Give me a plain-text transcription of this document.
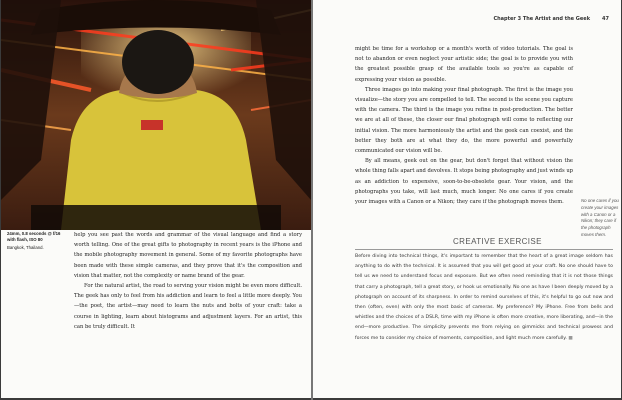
24mm, 0.8 seconds @ f/16 with flash, ISO 80
Bangkok, Thailand.

help you see past the words and grammar of the visual language and find a story worth telling. One of the great gifts to photography in recent years is the iPhone and the mobile photography movement in general. Some of my favorite photographs have been made with these simple cameras, and they prove that it's the composition and vision that matter, not the complexity or name brand of the gear.

For the natural artist, the road to serving your vision might be even more difficult. The geek has only to feel from his addiction and learn to feel a little more deeply. You—the poet, the artist—may need to learn the nuts and bolts of your craft: take a course in lighting, learn about histograms and adjustment layers. For an artist, this can be truly difficult. It

Chapter 3 The Artist and the Geek 47

might be time for a workshop or a month's worth of video tutorials. The goal is not to abandon or even neglect your artistic side; the goal is to provide you with the greatest possible grasp of the available tools so you're as capable of expressing your vision as possible.

Three images go into making your final photograph. The first is the image you visualize—the story you are compelled to tell. The second is the scene you capture with the camera. The third is the image you refine in post-production. The better we are at all of these, the closer our final photograph will come to reflecting our initial vision. The more harmoniously the artist and the geek can coexist, and the better they both are at what they do, the more powerful and powerfully communicated our vision will be.

By all means, geek out on the gear, but don't forget that without vision the whole thing falls apart and devolves. It stops being photography and just winds up as an addiction to expensive, soon-to-be-obsolete gear. Your vision, and the photographs you take, will last much, much longer. No one cares if you create your images with a Canon or a Nikon; they care if the photograph moves them.	No one cares if you create your images with a Canon or a Nikon; they care if the photograph moves them.
CREATIVE EXERCISE
Before diving into technical things, it's important to remember that the heart of a great image seldom has anything to do with the technical. It is assumed that you will get good at your craft. No one should have to tell us we need to understand focus and exposure. But we often need reminding that it is not those things that carry a photograph, tell a great story, or hook us emotionally. No one as have I been deeply moved by a photograph on account of its sharpness. In order to remind ourselves of this, it's helpful to go out now and then (often, even) with only the most basic of cameras. My preference? My iPhone. Free from bells and whistles and the choices of a DSLR, time with my iPhone is often more creative, more liberating, and—in the end—more productive. The simplicity prevents me from relying on gimmicks and technical prowess and forces me to consider my choice of moments, composition, and light much more carefully. ■
